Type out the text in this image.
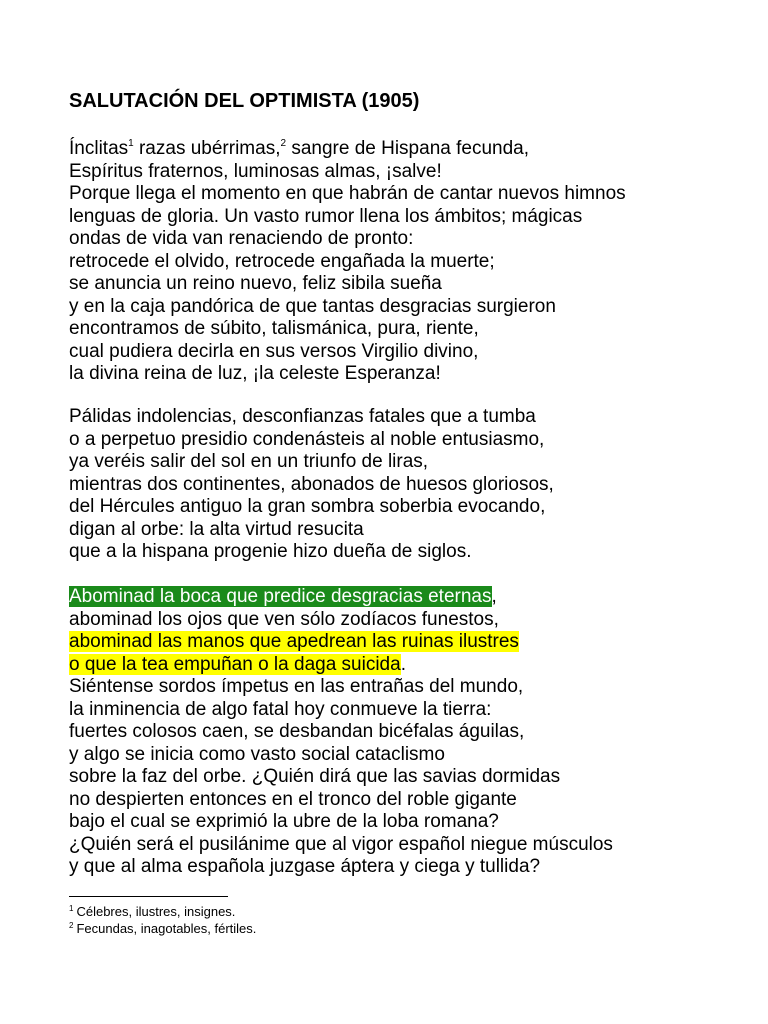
SALUTACIÓN DEL OPTIMISTA (1905)
Ínclitas$^1$ razas ubérrimas,$^2$ sangre de Hispana fecunda,
Espíritus fraternos, luminosas almas, ¡salve!
Porque llega el momento en que habrán de cantar nuevos himnos
lenguas de gloria. Un vasto rumor llena los ámbitos; mágicas
ondas de vida van renaciendo de pronto:
retrocede el olvido, retrocede engañada la muerte;
se anuncia un reino nuevo, feliz sibila sueña
y en la caja pandórica de que tantas desgracias surgieron
encontramos de súbito, talismánica, pura, riente,
cual pudiera decirla en sus versos Virgilio divino,
la divina reina de luz, ¡la celeste Esperanza!
Pálidas indolencias, desconfianzas fatales que a tumba
o a perpetuo presidio condenásteis al noble entusiasmo,
ya veréis salir del sol en un triunfo de liras,
mientras dos continentes, abonados de huesos gloriosos,
del Hércules antiguo la gran sombra soberbia evocando,
digan al orbe: la alta virtud resucita
que a la hispana progenie hizo dueña de siglos.
Abominad la boca que predice desgracias eternas,
abominad los ojos que ven sólo zodíacos funestos,
abominad las manos que apedrean las ruinas ilustres
o que la tea empuñan o la daga suicida.
Siéntense sordos ímpetus en las entrañas del mundo,
la inminencia de algo fatal hoy conmueve la tierra:
fuertes colosos caen, se desbandan bicéfalas águilas,
y algo se inicia como vasto social cataclismo
sobre la faz del orbe. ¿Quién dirá que las savias dormidas
no despierten entonces en el tronco del roble gigante
bajo el cual se exprimió la ubre de la loba romana?
¿Quién será el pusilánime que al vigor español niegue músculos
y que al alma española juzgase áptera y ciega y tullida?
$^1$ Célebres, ilustres, insignes.
$^2$ Fecundas, inagotables, fértiles.
